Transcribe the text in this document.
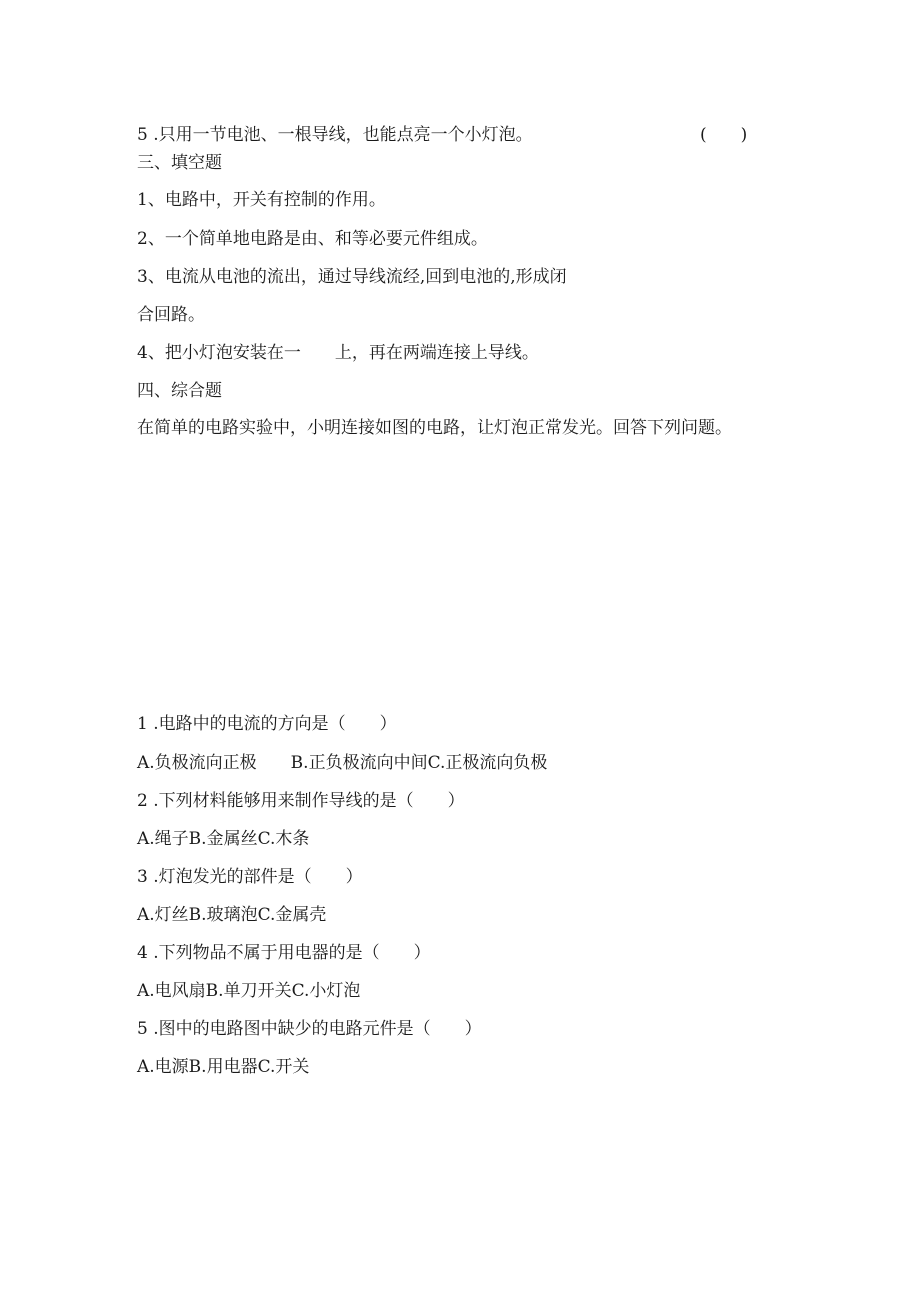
5 .只用一节电池、一根导线，也能点亮一个小灯泡。	(　　)
三、填空题
1、电路中，开关有控制的作用。
2、一个简单地电路是由、和等必要元件组成。
3、电流从电池的流出，通过导线流经,回到电池的,形成闭
合回路。
4、把小灯泡安装在一　　上，再在两端连接上导线。
四、综合题
在简单的电路实验中，小明连接如图的电路，让灯泡正常发光。回答下列问题。
1 .电路中的电流的方向是（　　）
A.负极流向正极　　B.正负极流向中间C.正极流向负极
2 .下列材料能够用来制作导线的是（　　）
A.绳子B.金属丝C.木条
3 .灯泡发光的部件是（　　）
A.灯丝B.玻璃泡C.金属壳
4 .下列物品不属于用电器的是（　　）
A.电风扇B.单刀开关C.小灯泡
5 .图中的电路图中缺少的电路元件是（　　）
A.电源B.用电器C.开关
